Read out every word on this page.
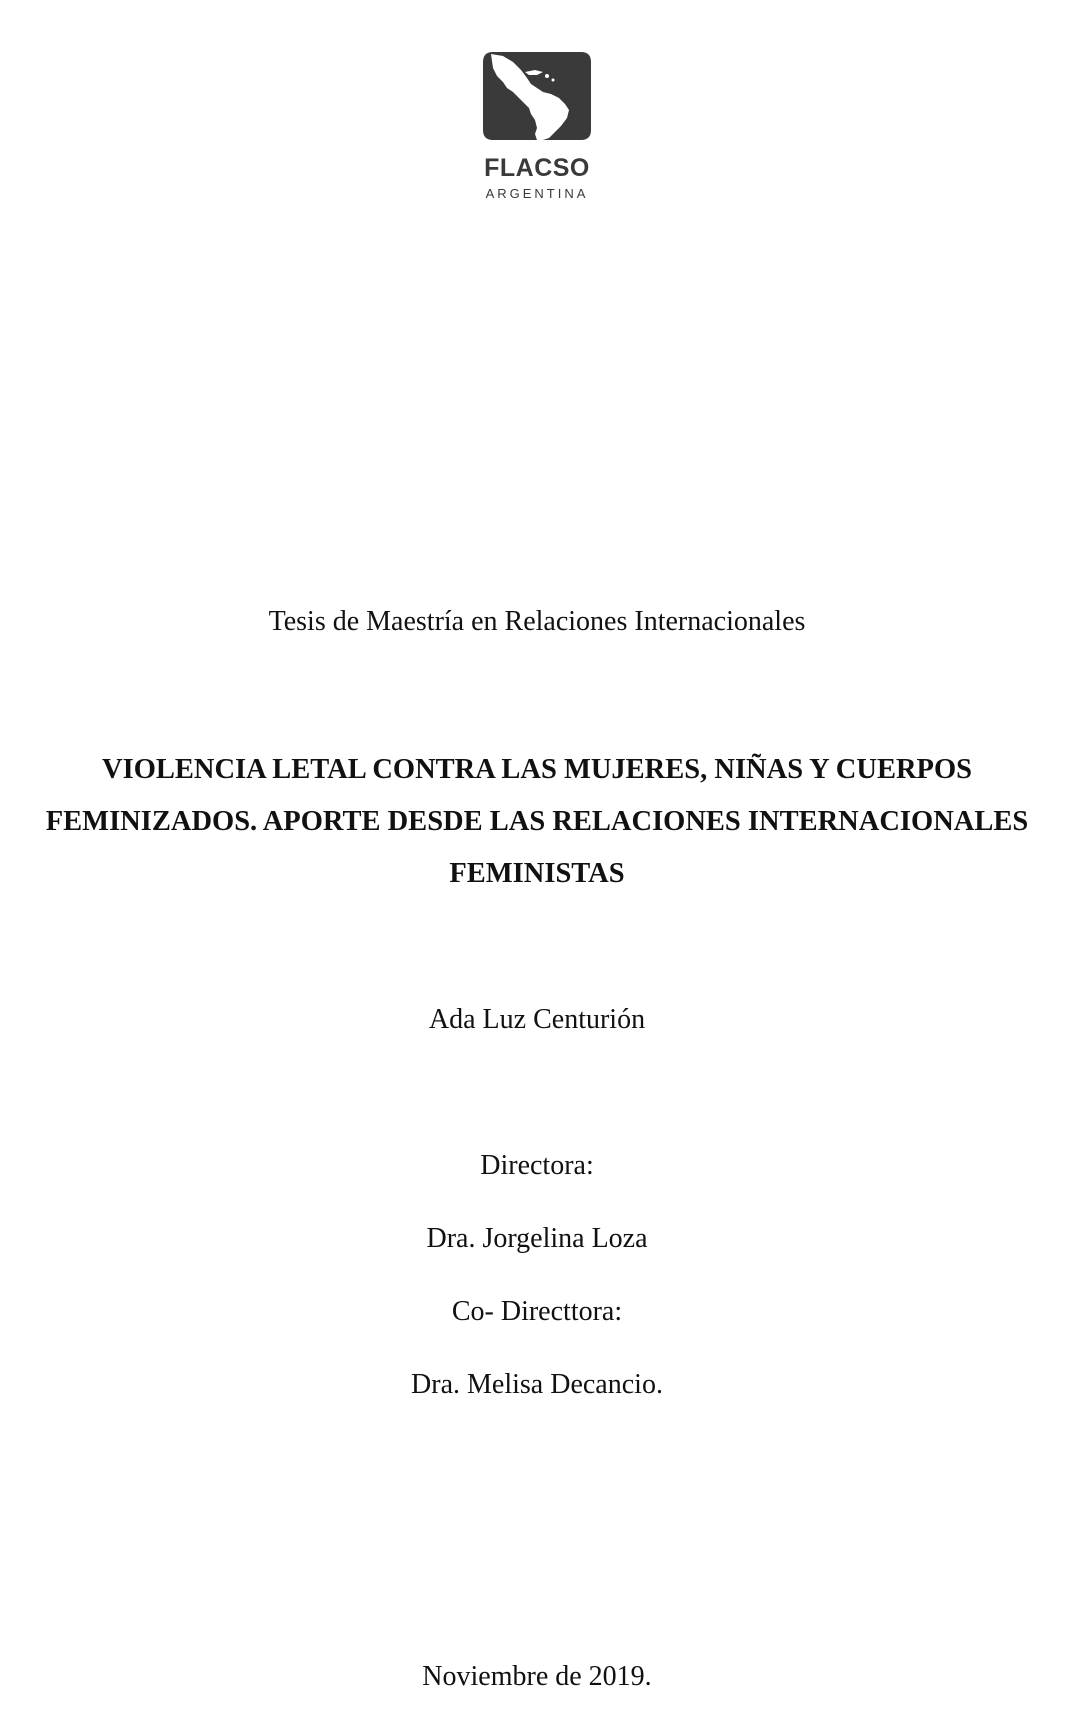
FLACSO
ARGENTINA
Tesis de Maestría en Relaciones Internacionales
VIOLENCIA LETAL CONTRA LAS MUJERES, NIÑAS Y CUERPOS
FEMINIZADOS. APORTE DESDE LAS RELACIONES INTERNACIONALES
FEMINISTAS
Ada Luz Centurión
Directora:
Dra. Jorgelina Loza
Co- Directtora:
Dra. Melisa Decancio.
Noviembre de 2019.
